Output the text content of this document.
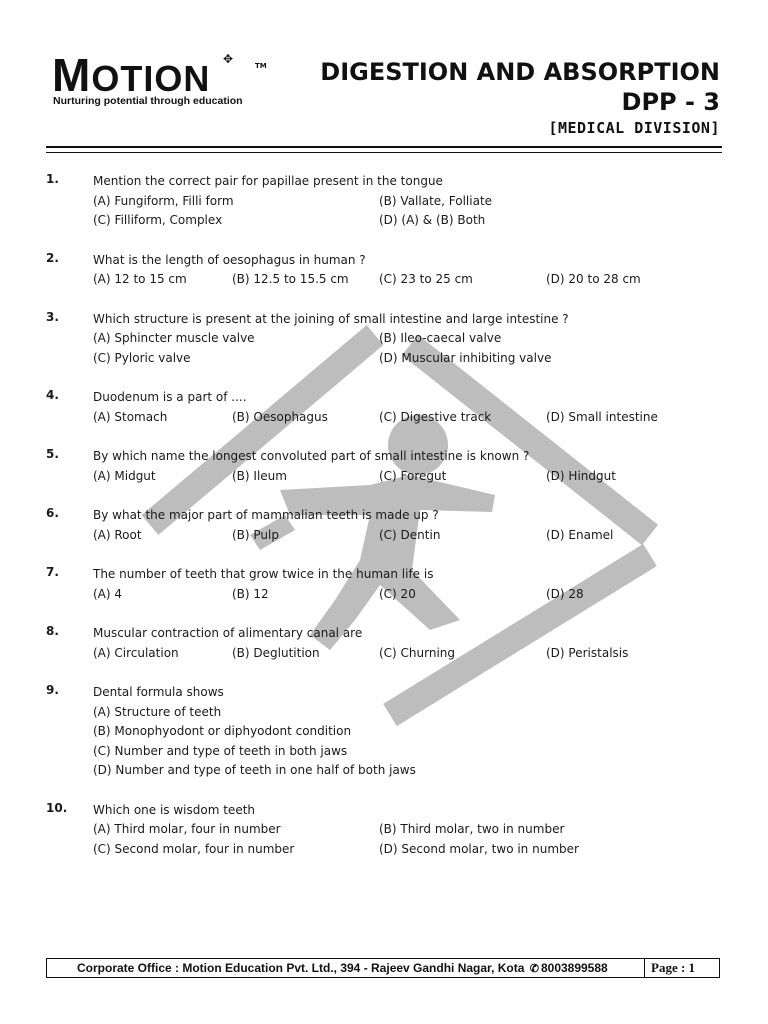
MOTION ✥	TM
Nurturing potential through education
DIGESTION AND ABSORPTION
DPP - 3
[MEDICAL DIVISION]
1.	Mention the correct pair for papillae present in the tongue
(A) Fungiform, Filli form	(B) Vallate, Folliate
(C) Filliform, Complex	(D) (A) & (B) Both
2.	What is the length of oesophagus in human ?
(A) 12 to 15 cm	(B) 12.5 to 15.5 cm	(C) 23 to 25 cm	(D) 20 to 28 cm
3.	Which structure is present at the joining of small intestine and large intestine ?
(A) Sphincter muscle valve	(B) Ileo-caecal valve
(C) Pyloric valve	(D) Muscular inhibiting valve
4.	Duodenum is a part of ....
(A) Stomach	(B) Oesophagus	(C) Digestive track	(D) Small intestine
5.	By which name the longest convoluted part of small intestine is known ?
(A) Midgut	(B) Ileum	(C) Foregut	(D) Hindgut
6.	By what the major part of mammalian teeth is made up ?
(A) Root	(B) Pulp	(C) Dentin	(D) Enamel
7.	The number of teeth that grow twice in the human life is
(A) 4	(B) 12	(C) 20	(D) 28
8.	Muscular contraction of alimentary canal are
(A) Circulation	(B) Deglutition	(C) Churning	(D) Peristalsis
9.	Dental formula shows
(A) Structure of teeth
(B) Monophyodont or diphyodont condition
(C) Number and type of teeth in both jaws
(D) Number and type of teeth in one half of both jaws
10.	Which one is wisdom teeth
(A) Third molar, four in number	(B) Third molar, two in number
(C) Second molar, four in number	(D) Second molar, two in number
Corporate Office : Motion Education Pvt. Ltd., 394 - Rajeev Gandhi Nagar, Kota ✆ 8003899588	Page : 1
